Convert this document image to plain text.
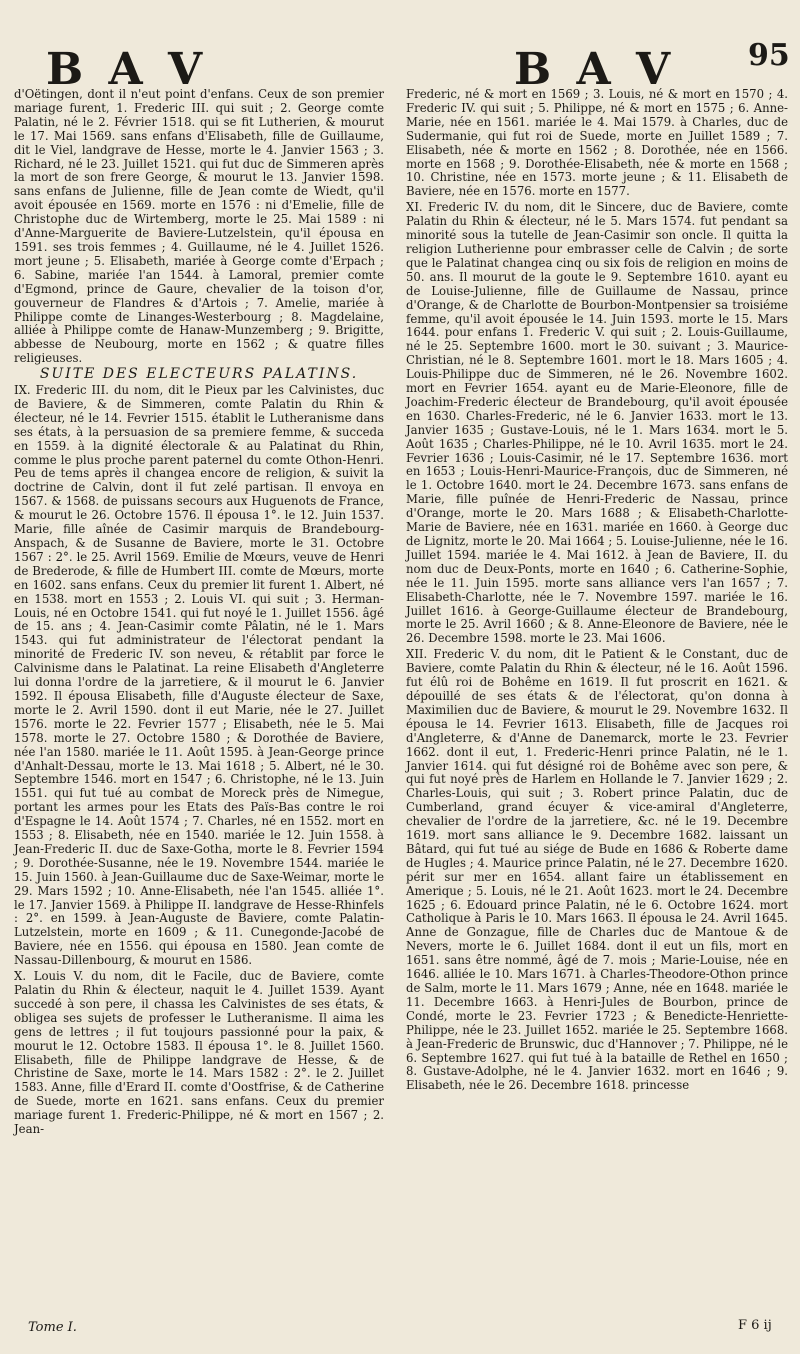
B A V	B A V 95

d'Oëtingen, dont il n'eut point d'enfans. Ceux de son premier mariage furent, 1. Frederic III. qui suit ; 2. George comte Palatin, né le 2. Février 1518. qui se fit Lutherien, & mourut le 17. Mai 1569. sans enfans d'Elisabeth, fille de Guillaume, dit le Viel, landgrave de Hesse, morte le 4. Janvier 1563 ; 3. Richard, né le 23. Juillet 1521. qui fut duc de Simmeren après la mort de son frere George, & mourut le 13. Janvier 1598. sans enfans de Julienne, fille de Jean comte de Wiedt, qu'il avoit épousée en 1569. morte en 1576 : ni d'Emelie, fille de Christophe duc de Wirtemberg, morte le 25. Mai 1589 : ni d'Anne-Marguerite de Baviere-Lutzelstein, qu'il épousa en 1591. ses trois femmes ; 4. Guillaume, né le 4. Juillet 1526. mort jeune ; 5. Elisabeth, mariée à George comte d'Erpach ; 6. Sabine, mariée l'an 1544. à Lamoral, premier comte d'Egmond, prince de Gaure, chevalier de la toison d'or, gouverneur de Flandres & d'Artois ; 7. Amelie, mariée à Philippe comte de Linanges-Westerbourg ; 8. Magdelaine, alliée à Philippe comte de Hanaw-Munzemberg ; 9. Brigitte, abbesse de Neubourg, morte en 1562 ; & quatre filles religieuses.

SUITE DES ELECTEURS PALATINS.

IX. Frederic III. du nom, dit le Pieux par les Calvinistes, duc de Baviere, & de Simmeren, comte Palatin du Rhin & électeur, né le 14. Fevrier 1515. établit le Lutheranisme dans ses états, à la persuasion de sa premiere femme, & succeda en 1559. à la dignité électorale & au Palatinat du Rhin, comme le plus proche parent paternel du comte Othon-Henri. Peu de tems après il changea encore de religion, & suivit la doctrine de Calvin, dont il fut zelé partisan. Il envoya en 1567. & 1568. de puissans secours aux Huguenots de France, & mourut le 26. Octobre 1576. Il épousa 1°. le 12. Juin 1537. Marie, fille aînée de Casimir marquis de Brandebourg-Anspach, & de Susanne de Baviere, morte le 31. Octobre 1567 : 2°. le 25. Avril 1569. Emilie de Mœurs, veuve de Henri de Brederode, & fille de Humbert III. comte de Mœurs, morte en 1602. sans enfans. Ceux du premier lit furent 1. Albert, né en 1538. mort en 1553 ; 2. Louis VI. qui suit ; 3. Herman-Louis, né en Octobre 1541. qui fut noyé le 1. Juillet 1556. âgé de 15. ans ; 4. Jean-Casimir comte Pâlatin, né le 1. Mars 1543. qui fut administrateur de l'électorat pendant la minorité de Frederic IV. son neveu, & rétablit par force le Calvinisme dans le Palatinat. La reine Elisabeth d'Angleterre lui donna l'ordre de la jarretiere, & il mourut le 6. Janvier 1592. Il épousa Elisabeth, fille d'Auguste électeur de Saxe, morte le 2. Avril 1590. dont il eut Marie, née le 27. Juillet 1576. morte le 22. Fevrier 1577 ; Elisabeth, née le 5. Mai 1578. morte le 27. Octobre 1580 ; & Dorothée de Baviere, née l'an 1580. mariée le 11. Août 1595. à Jean-George prince d'Anhalt-Dessau, morte le 13. Mai 1618 ; 5. Albert, né le 30. Septembre 1546. mort en 1547 ; 6. Christophe, né le 13. Juin 1551. qui fut tué au combat de Moreck près de Nimegue, portant les armes pour les Etats des Païs-Bas contre le roi d'Espagne le 14. Août 1574 ; 7. Charles, né en 1552. mort en 1553 ; 8. Elisabeth, née en 1540. mariée le 12. Juin 1558. à Jean-Frederic II. duc de Saxe-Gotha, morte le 8. Fevrier 1594 ; 9. Dorothée-Susanne, née le 19. Novembre 1544. mariée le 15. Juin 1560. à Jean-Guillaume duc de Saxe-Weimar, morte le 29. Mars 1592 ; 10. Anne-Elisabeth, née l'an 1545. alliée 1°. le 17. Janvier 1569. à Philippe II. landgrave de Hesse-Rhinfels : 2°. en 1599. à Jean-Auguste de Baviere, comte Palatin-Lutzelstein, morte en 1609 ; & 11. Cunegonde-Jacobé de Baviere, née en 1556. qui épousa en 1580. Jean comte de Nassau-Dillenbourg, & mourut en 1586.

X. Louis V. du nom, dit le Facile, duc de Baviere, comte Palatin du Rhin & électeur, naquit le 4. Juillet 1539. Ayant succedé à son pere, il chassa les Calvinistes de ses états, & obligea ses sujets de professer le Lutheranisme. Il aima les gens de lettres ; il fut toujours passionné pour la paix, & mourut le 12. Octobre 1583. Il épousa 1°. le 8. Juillet 1560. Elisabeth, fille de Philippe landgrave de Hesse, & de Christine de Saxe, morte le 14. Mars 1582 : 2°. le 2. Juillet 1583. Anne, fille d'Erard II. comte d'Oostfrise, & de Catherine de Suede, morte en 1621. sans enfans. Ceux du premier mariage furent 1. Frederic-Philippe, né & mort en 1567 ; 2. Jean-

Frederic, né & mort en 1569 ; 3. Louis, né & mort en 1570 ; 4. Frederic IV. qui suit ; 5. Philippe, né & mort en 1575 ; 6. Anne-Marie, née en 1561. mariée le 4. Mai 1579. à Charles, duc de Sudermanie, qui fut roi de Suede, morte en Juillet 1589 ; 7. Elisabeth, née & morte en 1562 ; 8. Dorothée, née en 1566. morte en 1568 ; 9. Dorothée-Elisabeth, née & morte en 1568 ; 10. Christine, née en 1573. morte jeune ; & 11. Elisabeth de Baviere, née en 1576. morte en 1577.

XI. Frederic IV. du nom, dit le Sincere, duc de Baviere, comte Palatin du Rhin & électeur, né le 5. Mars 1574. fut pendant sa minorité sous la tutelle de Jean-Casimir son oncle. Il quitta la religion Lutherienne pour embrasser celle de Calvin ; de sorte que le Palatinat changea cinq ou six fois de religion en moins de 50. ans. Il mourut de la goute le 9. Septembre 1610. ayant eu de Louise-Julienne, fille de Guillaume de Nassau, prince d'Orange, & de Charlotte de Bourbon-Montpensier sa troisiéme femme, qu'il avoit épousée le 14. Juin 1593. morte le 15. Mars 1644. pour enfans 1. Frederic V. qui suit ; 2. Louis-Guillaume, né le 25. Septembre 1600. mort le 30. suivant ; 3. Maurice-Christian, né le 8. Septembre 1601. mort le 18. Mars 1605 ; 4. Louis-Philippe duc de Simmeren, né le 26. Novembre 1602. mort en Fevrier 1654. ayant eu de Marie-Eleonore, fille de Joachim-Frederic électeur de Brandebourg, qu'il avoit épousée en 1630. Charles-Frederic, né le 6. Janvier 1633. mort le 13. Janvier 1635 ; Gustave-Louis, né le 1. Mars 1634. mort le 5. Août 1635 ; Charles-Philippe, né le 10. Avril 1635. mort le 24. Fevrier 1636 ; Louis-Casimir, né le 17. Septembre 1636. mort en 1653 ; Louis-Henri-Maurice-François, duc de Simmeren, né le 1. Octobre 1640. mort le 24. Decembre 1673. sans enfans de Marie, fille puînée de Henri-Frederic de Nassau, prince d'Orange, morte le 20. Mars 1688 ; & Elisabeth-Charlotte-Marie de Baviere, née en 1631. mariée en 1660. à George duc de Lignitz, morte le 20. Mai 1664 ; 5. Louise-Julienne, née le 16. Juillet 1594. mariée le 4. Mai 1612. à Jean de Baviere, II. du nom duc de Deux-Ponts, morte en 1640 ; 6. Catherine-Sophie, née le 11. Juin 1595. morte sans alliance vers l'an 1657 ; 7. Elisabeth-Charlotte, née le 7. Novembre 1597. mariée le 16. Juillet 1616. à George-Guillaume électeur de Brandebourg, morte le 25. Avril 1660 ; & 8. Anne-Eleonore de Baviere, née le 26. Decembre 1598. morte le 23. Mai 1606.

XII. Frederic V. du nom, dit le Patient & le Constant, duc de Baviere, comte Palatin du Rhin & électeur, né le 16. Août 1596. fut élû roi de Bohême en 1619. Il fut proscrit en 1621. & dépouillé de ses états & de l'électorat, qu'on donna à Maximilien duc de Baviere, & mourut le 29. Novembre 1632. Il épousa le 14. Fevrier 1613. Elisabeth, fille de Jacques roi d'Angleterre, & d'Anne de Danemarck, morte le 23. Fevrier 1662. dont il eut, 1. Frederic-Henri prince Palatin, né le 1. Janvier 1614. qui fut désigné roi de Bohême avec son pere, & qui fut noyé près de Harlem en Hollande le 7. Janvier 1629 ; 2. Charles-Louis, qui suit ; 3. Robert prince Palatin, duc de Cumberland, grand écuyer & vice-amiral d'Angleterre, chevalier de l'ordre de la jarretiere, &c. né le 19. Decembre 1619. mort sans alliance le 9. Decembre 1682. laissant un Bâtard, qui fut tué au siége de Bude en 1686 & Roberte dame de Hugles ; 4. Maurice prince Palatin, né le 27. Decembre 1620. périt sur mer en 1654. allant faire un établissement en Amerique ; 5. Louis, né le 21. Août 1623. mort le 24. Decembre 1625 ; 6. Edouard prince Palatin, né le 6. Octobre 1624. mort Catholique à Paris le 10. Mars 1663. Il épousa le 24. Avril 1645. Anne de Gonzague, fille de Charles duc de Mantoue & de Nevers, morte le 6. Juillet 1684. dont il eut un fils, mort en 1651. sans être nommé, âgé de 7. mois ; Marie-Louise, née en 1646. alliée le 10. Mars 1671. à Charles-Theodore-Othon prince de Salm, morte le 11. Mars 1679 ; Anne, née en 1648. mariée le 11. Decembre 1663. à Henri-Jules de Bourbon, prince de Condé, morte le 23. Fevrier 1723 ; & Benedicte-Henriette-Philippe, née le 23. Juillet 1652. mariée le 25. Septembre 1668. à Jean-Frederic de Brunswic, duc d'Hannover ; 7. Philippe, né le 6. Septembre 1627. qui fut tué à la bataille de Rethel en 1650 ; 8. Gustave-Adolphe, né le 4. Janvier 1632. mort en 1646 ; 9. Elisabeth, née le 26. Decembre 1618. princesse

Tome I.	F 6 ij
